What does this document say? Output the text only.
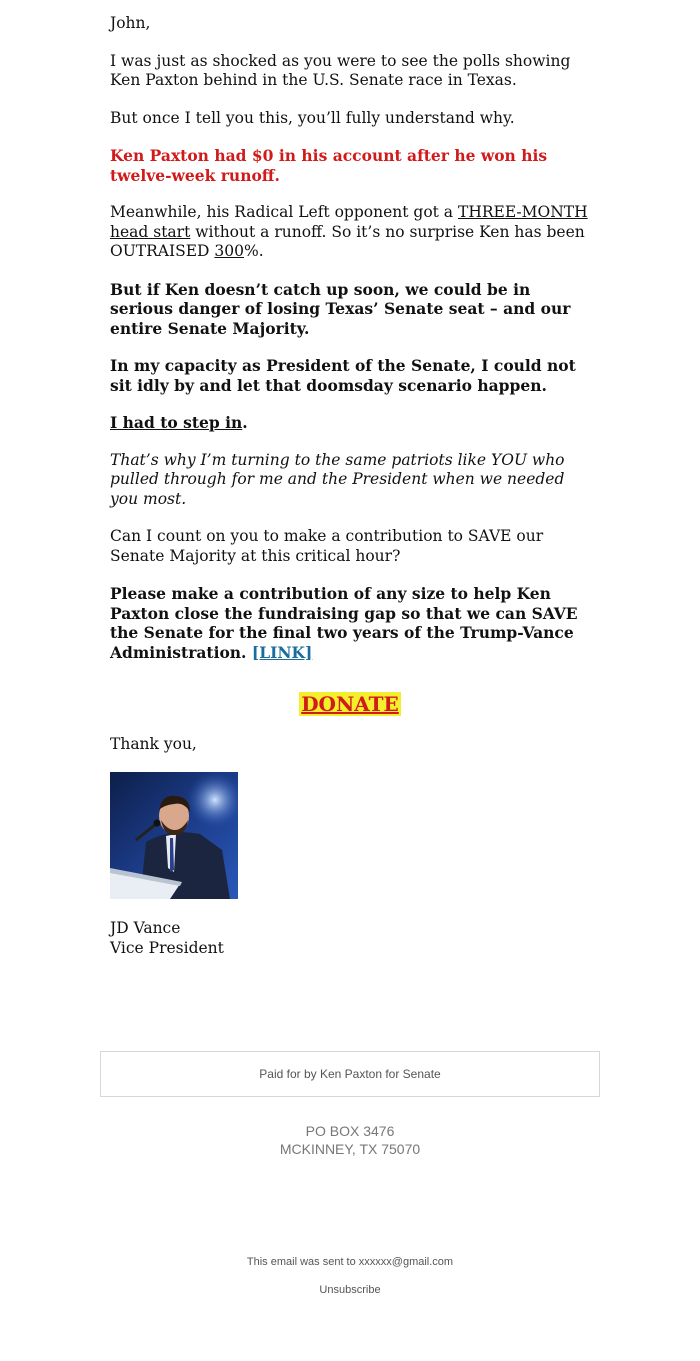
John,

I was just as shocked as you were to see the polls showing Ken Paxton behind in the U.S. Senate race in Texas.

But once I tell you this, you’ll fully understand why.

Ken Paxton had $0 in his account after he won his twelve-week runoff.

Meanwhile, his Radical Left opponent got a THREE-MONTH head start without a runoff. So it’s no surprise Ken has been OUTRAISED 300%.

But if Ken doesn’t catch up soon, we could be in serious danger of losing Texas’ Senate seat – and our entire Senate Majority.

In my capacity as President of the Senate, I could not sit idly by and let that doomsday scenario happen.

I had to step in.

That’s why I’m turning to the same patriots like YOU who pulled through for me and the President when we needed you most.

Can I count on you to make a contribution to SAVE our Senate Majority at this critical hour?

Please make a contribution of any size to help Ken Paxton close the fundraising gap so that we can SAVE the Senate for the final two years of the Trump-Vance Administration. [LINK]

DONATE

Thank you,

JD Vance

Vice President

Paid for by Ken Paxton for Senate
PO BOX 3476
MCKINNEY, TX 75070
This email was sent to xxxxxx@gmail.com
Unsubscribe
